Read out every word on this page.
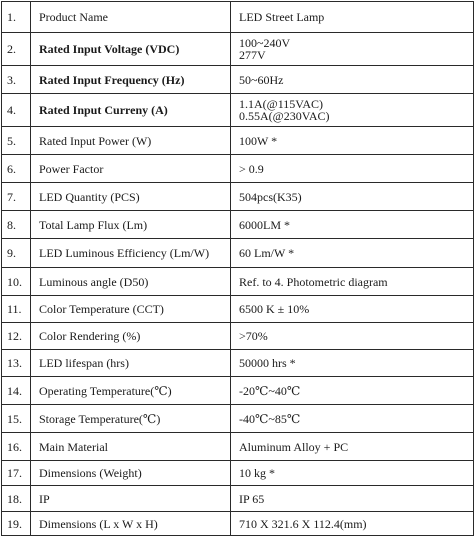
1.	Product Name	LED Street Lamp

2.	Rated Input Voltage (VDC)	100~240V
277V

3.	Rated Input Frequency (Hz)	50~60Hz

4.	Rated Input Curreny (A)	1.1A(@115VAC)
0.55A(@230VAC)

5.	Rated Input Power (W)	100W *

6.	Power Factor	> 0.9

7.	LED Quantity (PCS)	504pcs(K35)

8.	Total Lamp Flux (Lm)	6000LM *

9.	LED Luminous Efficiency (Lm/W)	60 Lm/W *

10.	Luminous angle (D50)	Ref. to 4. Photometric diagram

11.	Color Temperature (CCT)	6500 K ± 10%

12.	Color Rendering (%)	>70%

13.	LED lifespan (hrs)	50000 hrs *

14.	Operating Temperature(℃)	-20℃~40℃

15.	Storage Temperature(℃)	-40℃~85℃

16.	Main Material	Aluminum Alloy + PC

17.	Dimensions (Weight)	10 kg *

18.	IP	IP 65

19.	Dimensions (L x W x H)	710 X 321.6 X 112.4(mm)
